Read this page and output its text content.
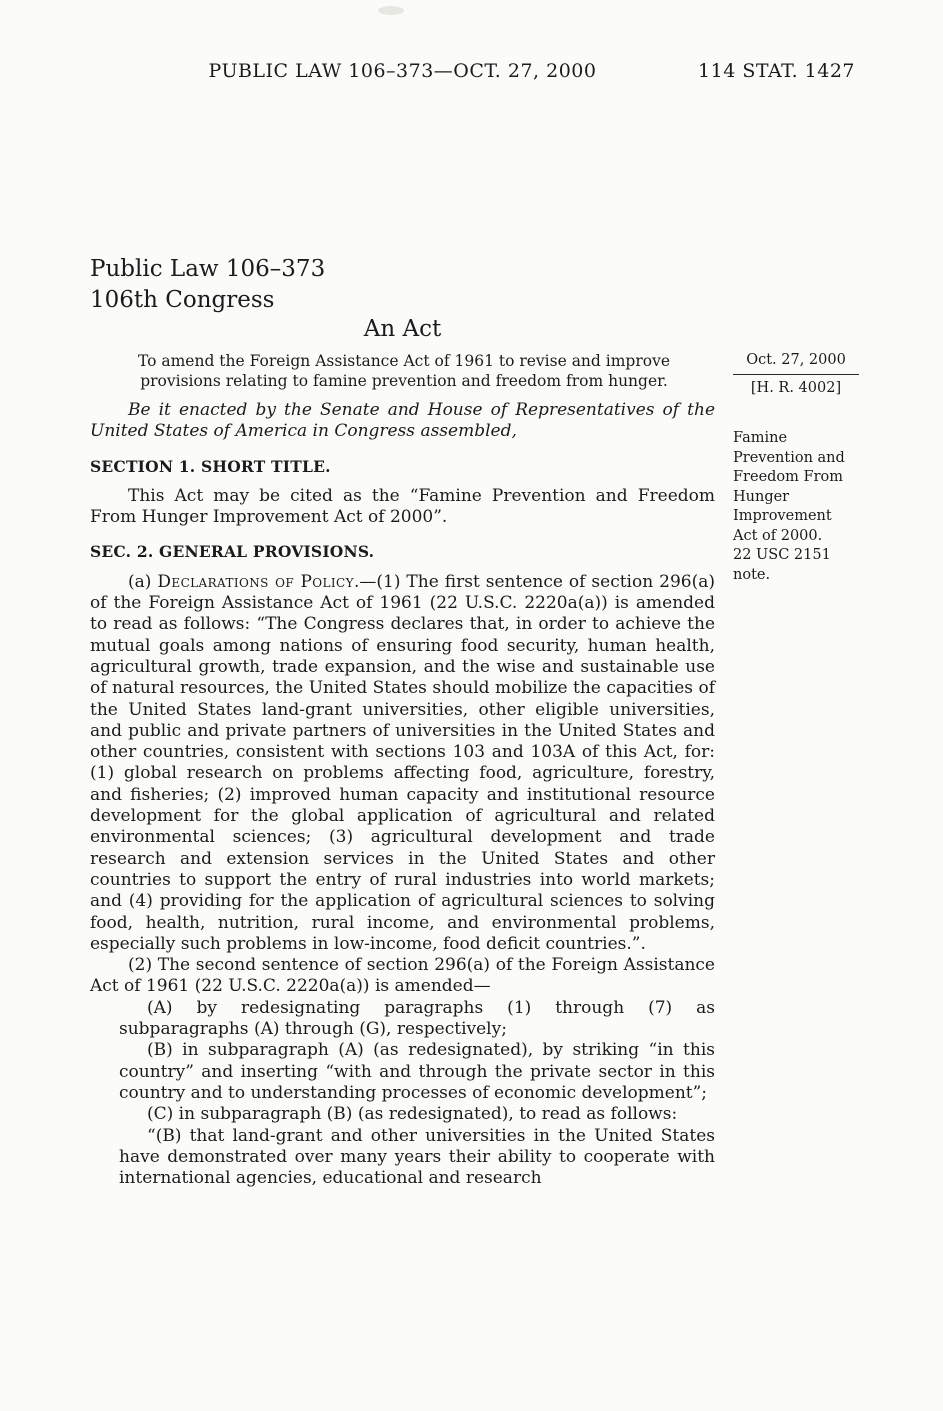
PUBLIC LAW 106–373—OCT. 27, 2000	114 STAT. 1427
Public Law 106–373
106th Congress
An Act
To amend the Foreign Assistance Act of 1961 to revise and improve provisions relating to famine prevention and freedom from hunger.
Oct. 27, 2000
[H. R. 4002]
Famine Prevention and Freedom From Hunger Improvement Act of 2000.
22 USC 2151 note.

Be it enacted by the Senate and House of Representatives of the United States of America in Congress assembled,

SECTION 1. SHORT TITLE.

This Act may be cited as the “Famine Prevention and Freedom From Hunger Improvement Act of 2000”.

SEC. 2. GENERAL PROVISIONS.

(a) Declarations of Policy.—(1) The first sentence of section 296(a) of the Foreign Assistance Act of 1961 (22 U.S.C. 2220a(a)) is amended to read as follows: “The Congress declares that, in order to achieve the mutual goals among nations of ensuring food security, human health, agricultural growth, trade expansion, and the wise and sustainable use of natural resources, the United States should mobilize the capacities of the United States land-grant universities, other eligible universities, and public and private partners of universities in the United States and other countries, consistent with sections 103 and 103A of this Act, for: (1) global research on problems affecting food, agriculture, forestry, and fisheries; (2) improved human capacity and institutional resource development for the global application of agricultural and related environmental sciences; (3) agricultural development and trade research and extension services in the United States and other countries to support the entry of rural industries into world markets; and (4) providing for the application of agricultural sciences to solving food, health, nutrition, rural income, and environmental problems, especially such problems in low-income, food deficit countries.”.

(2) The second sentence of section 296(a) of the Foreign Assistance Act of 1961 (22 U.S.C. 2220a(a)) is amended—

(A) by redesignating paragraphs (1) through (7) as subparagraphs (A) through (G), respectively;

(B) in subparagraph (A) (as redesignated), by striking “in this country” and inserting “with and through the private sector in this country and to understanding processes of economic development”;

(C) in subparagraph (B) (as redesignated), to read as follows:

“(B) that land-grant and other universities in the United States have demonstrated over many years their ability to cooperate with international agencies, educational and research
